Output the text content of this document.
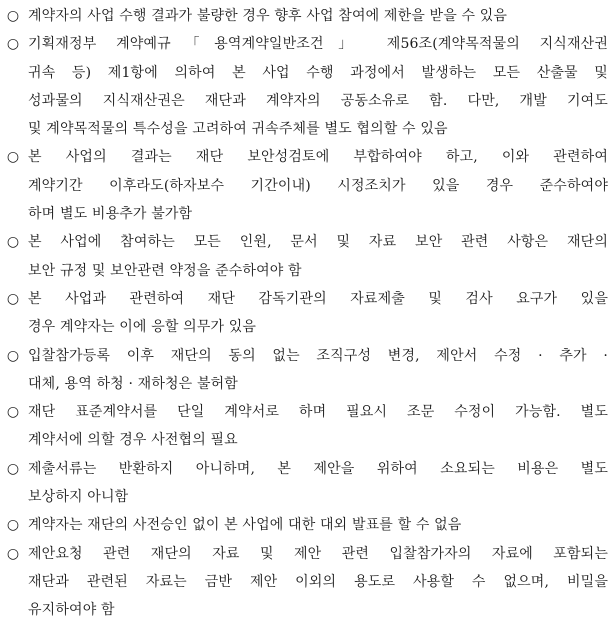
○ 계약자의 사업 수행 결과가 불량한 경우 향후 사업 참여에 제한을 받을 수 있음
○ 기획재정부 계약예규「용역계약일반조건」 제56조(계약목적물의 지식재산권
귀속 등) 제1항에 의하여 본 사업 수행 과정에서 발생하는 모든 산출물 및
성과물의 지식재산권은 재단과 계약자의 공동소유로 함. 다만, 개발 기여도
및 계약목적물의 특수성을 고려하여 귀속주체를 별도 협의할 수 있음
○ 본 사업의 결과는 재단 보안성검토에 부합하여야 하고, 이와 관련하여
계약기간 이후라도(하자보수 기간이내) 시정조치가 있을 경우 준수하여야
하며 별도 비용추가 불가함
○ 본 사업에 참여하는 모든 인원, 문서 및 자료 보안 관련 사항은 재단의
보안 규정 및 보안관련 약정을 준수하여야 함
○ 본 사업과 관련하여 재단 감독기관의 자료제출 및 검사 요구가 있을
경우 계약자는 이에 응할 의무가 있음
○ 입찰참가등록 이후 재단의 동의 없는 조직구성 변경, 제안서 수정 · 추가 ·
대체, 용역 하청 · 재하청은 불허함
○ 재단 표준계약서를 단일 계약서로 하며 필요시 조문 수정이 가능함. 별도
계약서에 의할 경우 사전협의 필요
○ 제출서류는 반환하지 아니하며, 본 제안을 위하여 소요되는 비용은 별도
보상하지 아니함
○ 계약자는 재단의 사전승인 없이 본 사업에 대한 대외 발표를 할 수 없음
○ 제안요청 관련 재단의 자료 및 제안 관련 입찰참가자의 자료에 포함되는
재단과 관련된 자료는 금반 제안 이외의 용도로 사용할 수 없으며, 비밀을
유지하여야 함
